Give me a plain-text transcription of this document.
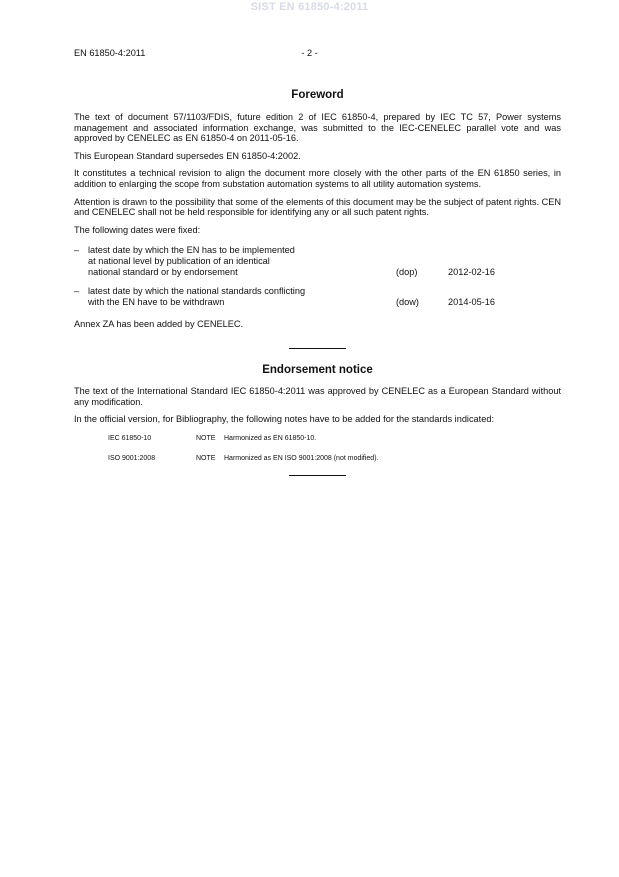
SIST EN 61850-4:2011
EN 61850-4:2011	- 2 -
Foreword

The text of document 57/1103/FDIS, future edition 2 of IEC 61850-4, prepared by IEC TC 57, Power systems management and associated information exchange, was submitted to the IEC-CENELEC parallel vote and was approved by CENELEC as EN 61850-4 on 2011-05-16.

This European Standard supersedes EN 61850-4:2002.

It constitutes a technical revision to align the document more closely with the other parts of the EN 61850 series, in addition to enlarging the scope from substation automation systems to all utility automation systems.

Attention is drawn to the possibility that some of the elements of this document may be the subject of patent rights. CEN and CENELEC shall not be held responsible for identifying any or all such patent rights.

The following dates were fixed:

– latest date by which the EN has to be implemented
at national level by publication of an identical
national standard or by endorsement	(dop)	2012-02-16
– latest date by which the national standards conflicting
with the EN have to be withdrawn	(dow)	2014-05-16

Annex ZA has been added by CENELEC.

Endorsement notice

The text of the International Standard IEC 61850-4:2011 was approved by CENELEC as a European Standard without any modification.

In the official version, for Bibliography, the following notes have to be added for the standards indicated:

IEC 61850-10	NOTE	Harmonized as EN 61850-10.
ISO 9001:2008	NOTE	Harmonized as EN ISO 9001:2008 (not modified).
